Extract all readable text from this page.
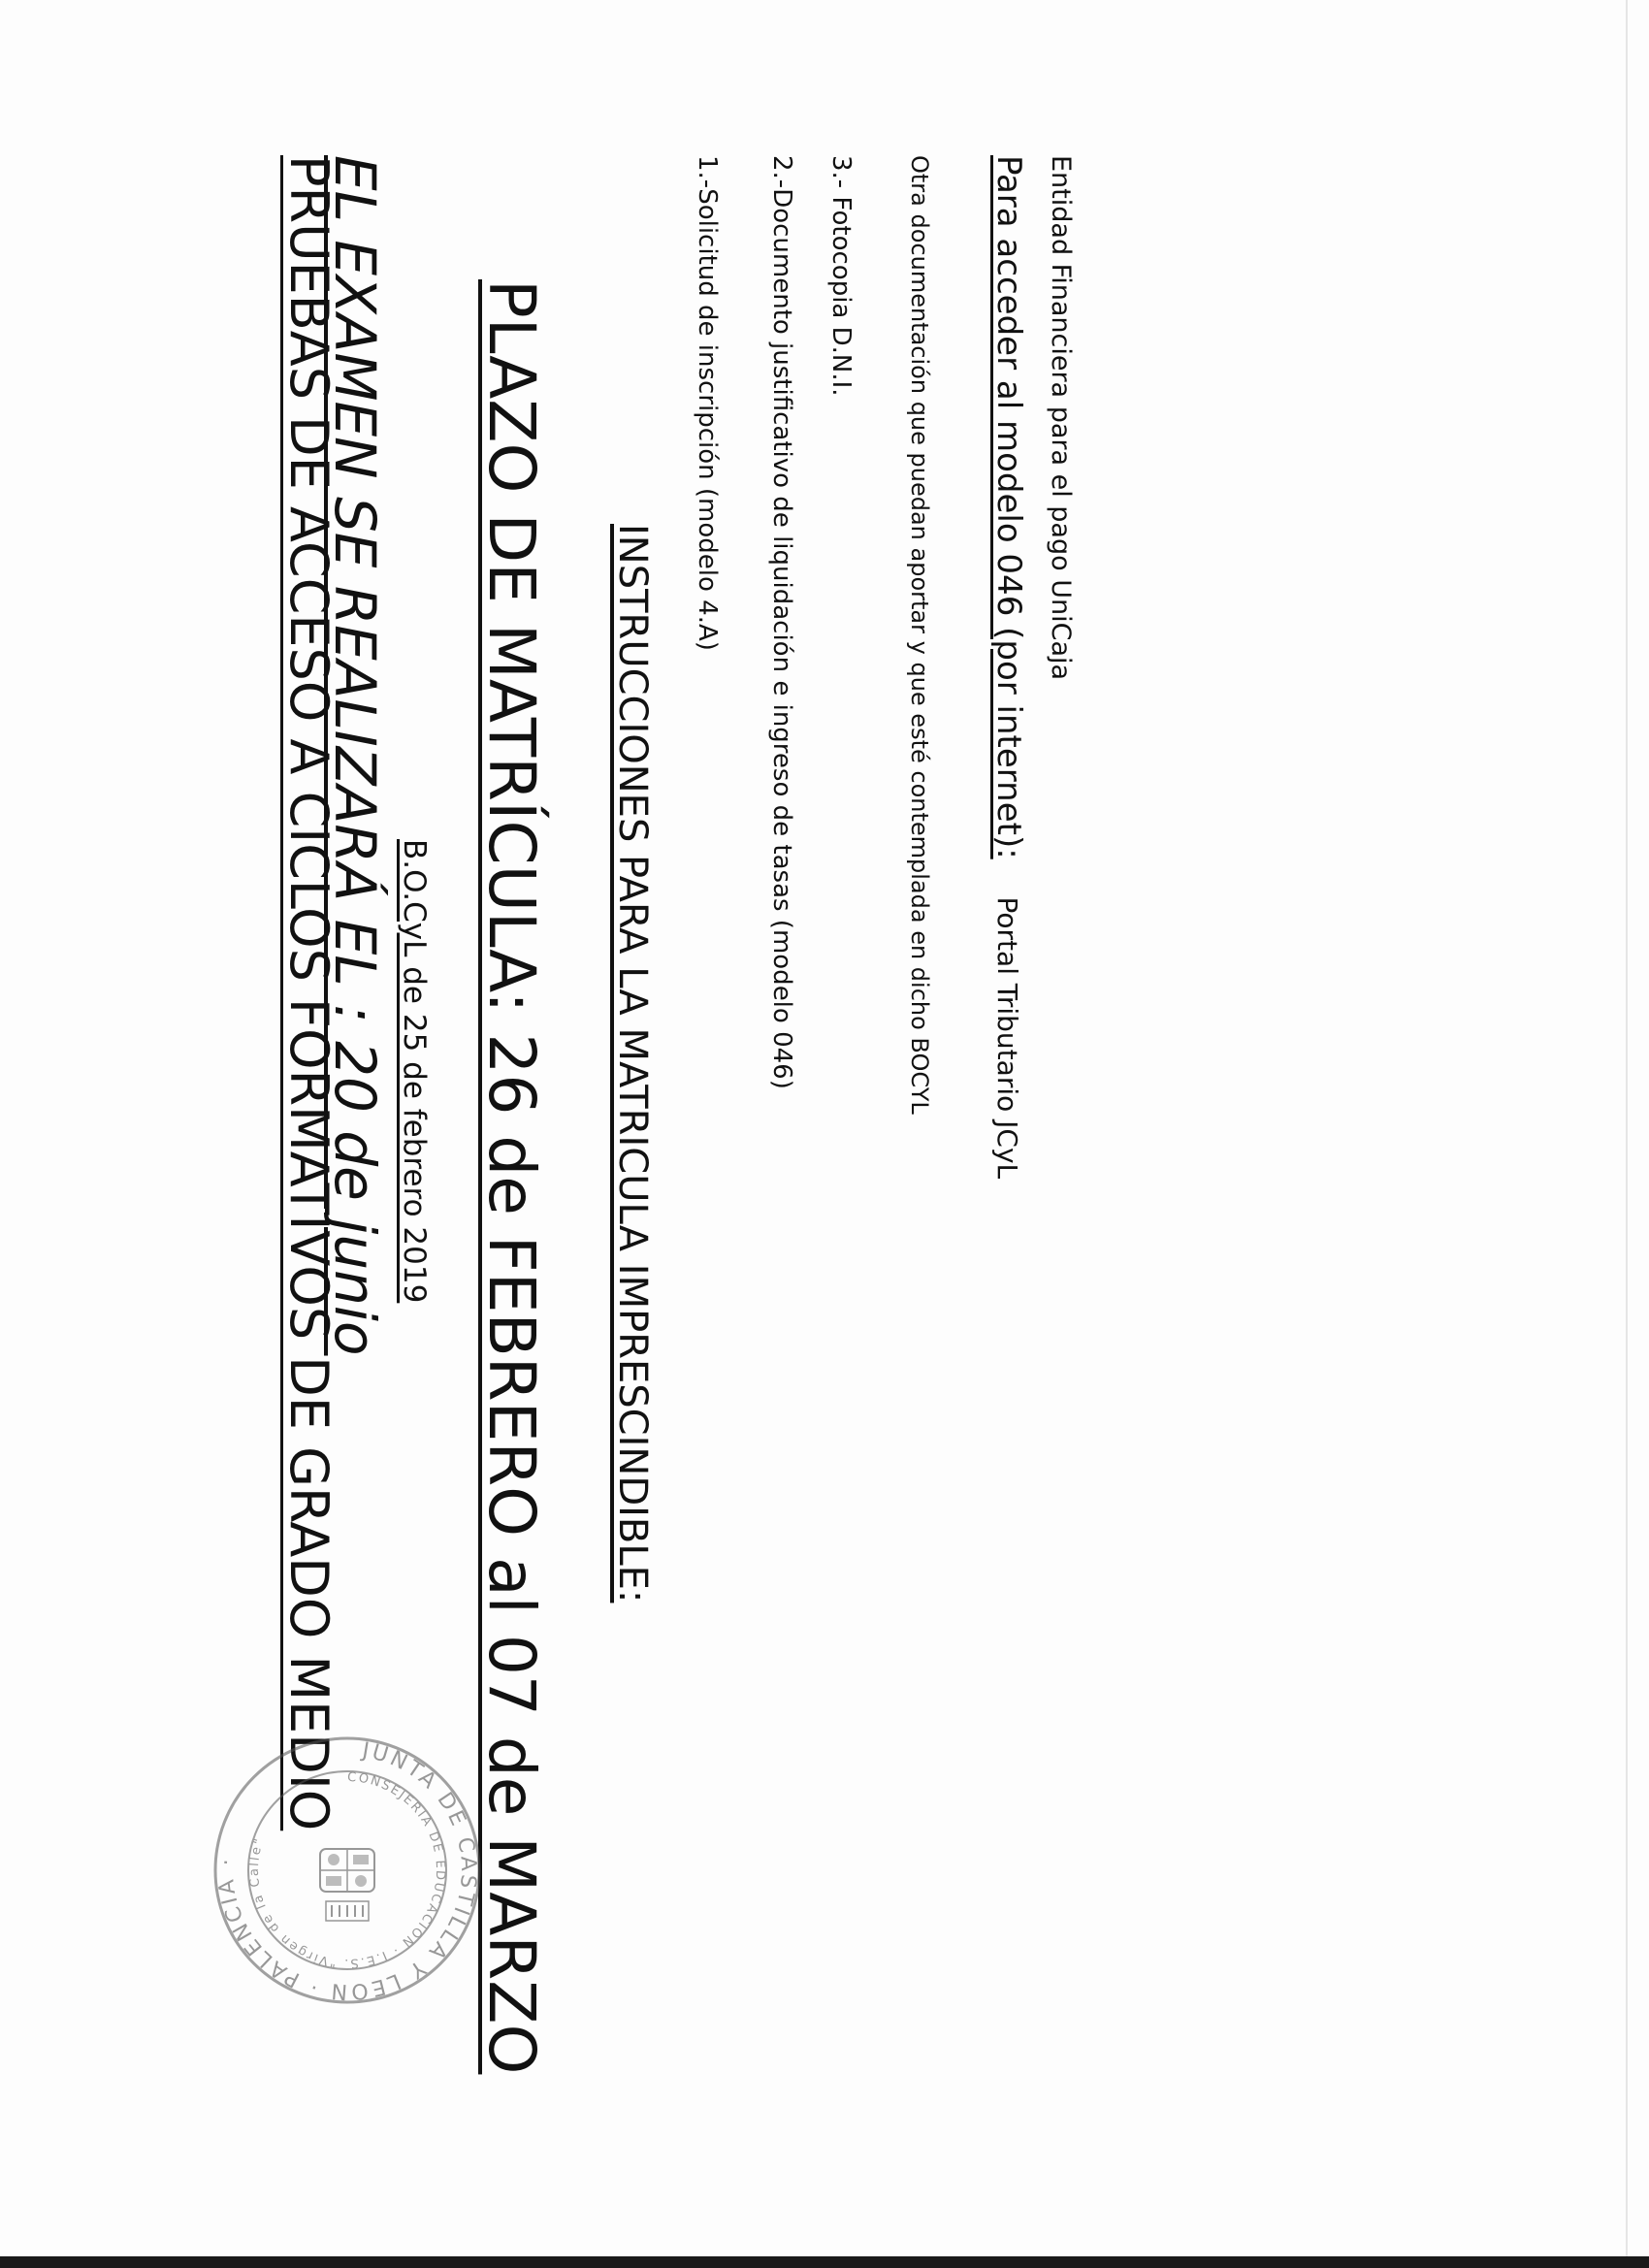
PRUEBAS DE ACCESO A CICLOS FORMATIVOS DE GRADO MEDIO B.O.CyL de 25 de febrero 2019 PLAZO DE MATRÍCULA: 26 de FEBRERO al 07 de MARZO INSTRUCCIONES PARA LA MATRICULA IMPRESCINDIBLE:
1.-Solicitud de inscripción (modelo 4.A) 2.-Documento justificativo de liquidación e ingreso de tasas (modelo 046) 3.- Fotocopia D.N.I. Otra documentación que puedan aportar y que esté contemplada en dicho BOCYL Para acceder al modelo 046 (por internet): Portal Tributario JCyL
Entidad Financiera para el pago UniCaja
EL EXAMEN SE REALIZARÁ EL : 20 de junio
JUNTA DE CASTILLA Y LEON · PALENCIA ·
CONSEJERIA DE EDUCACION · I.E.S. "Virgen de la Calle"
